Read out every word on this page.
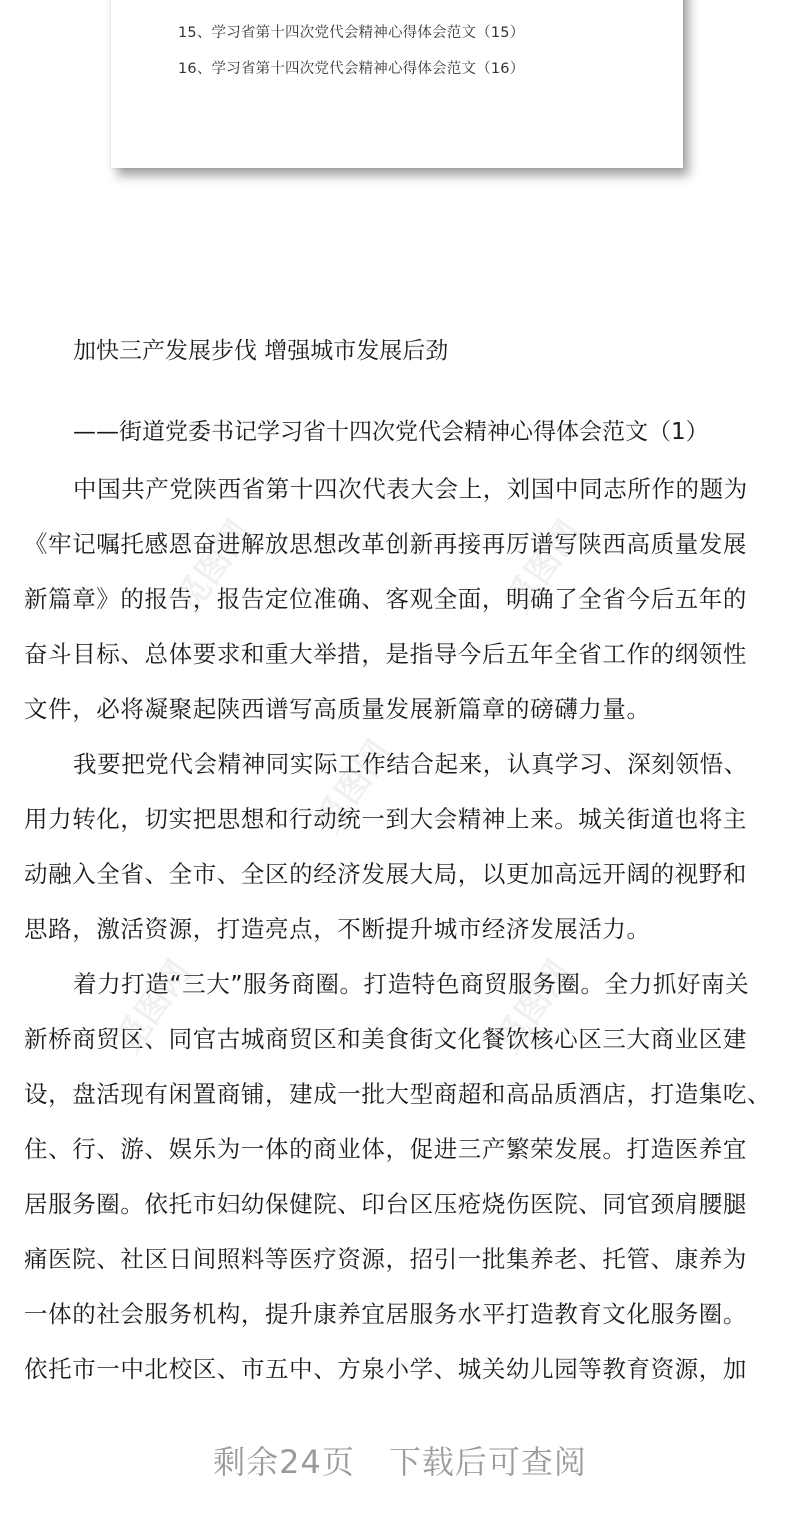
15、学习省第十四次党代会精神心得体会范文（15）
16、学习省第十四次党代会精神心得体会范文（16）
觅图网	觅图网
觅图网
觅图网	觅图网
加快三产发展步伐 增强城市发展后劲
——街道党委书记学习省十四次党代会精神心得体会范文（1）
中国共产党陕西省第十四次代表大会上，刘国中同志所作的题为
《牢记嘱托感恩奋进解放思想改革创新再接再厉谱写陕西高质量发展
新篇章》的报告，报告定位准确、客观全面，明确了全省今后五年的
奋斗目标、总体要求和重大举措，是指导今后五年全省工作的纲领性
文件，必将凝聚起陕西谱写高质量发展新篇章的磅礴力量。
我要把党代会精神同实际工作结合起来，认真学习、深刻领悟、
用力转化，切实把思想和行动统一到大会精神上来。城关街道也将主
动融入全省、全市、全区的经济发展大局，以更加高远开阔的视野和
思路，激活资源，打造亮点，不断提升城市经济发展活力。
着力打造“三大”服务商圈。打造特色商贸服务圈。全力抓好南关
新桥商贸区、同官古城商贸区和美食街文化餐饮核心区三大商业区建
设，盘活现有闲置商铺，建成一批大型商超和高品质酒店，打造集吃、
住、行、游、娱乐为一体的商业体，促进三产繁荣发展。打造医养宜
居服务圈。依托市妇幼保健院、印台区压疮烧伤医院、同官颈肩腰腿
痛医院、社区日间照料等医疗资源，招引一批集养老、托管、康养为
一体的社会服务机构，提升康养宜居服务水平打造教育文化服务圈。
依托市一中北校区、市五中、方泉小学、城关幼儿园等教育资源，加
剩余24页 下载后可查阅
